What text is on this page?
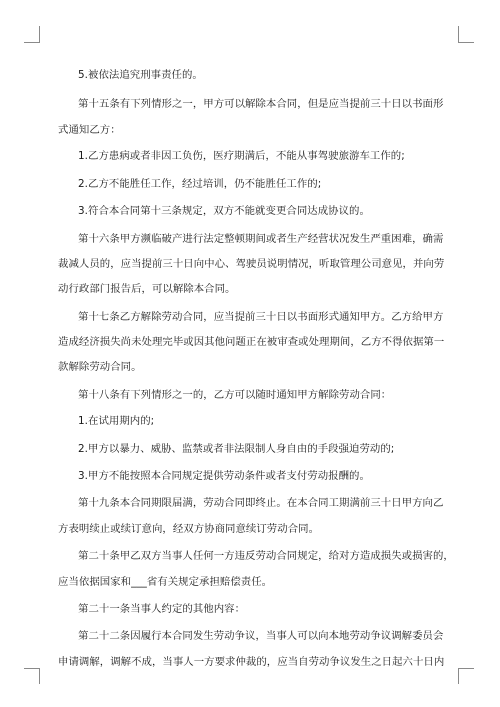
5.被依法追究刑事责任的。
第十五条有下列情形之一，甲方可以解除本合同，但是应当提前三十日以书面形
式通知乙方：
1.乙方患病或者非因工负伤，医疗期满后，不能从事驾驶旅游车工作的;
2.乙方不能胜任工作，经过培训，仍不能胜任工作的;
3.符合本合同第十三条规定，双方不能就变更合同达成协议的。
第十六条甲方濒临破产进行法定整顿期间或者生产经营状况发生严重困难，确需
裁减人员的，应当提前三十日向中心、驾驶员说明情况，听取管理公司意见，并向劳
动行政部门报告后，可以解除本合同。
第十七条乙方解除劳动合同，应当提前三十日以书面形式通知甲方。乙方给甲方
造成经济损失尚未处理完毕或因其他问题正在被审查或处理期间，乙方不得依据第一
款解除劳动合同。
第十八条有下列情形之一的，乙方可以随时通知甲方解除劳动合同：
1.在试用期内的;
2.甲方以暴力、威胁、监禁或者非法限制人身自由的手段强迫劳动的;
3.甲方不能按照本合同规定提供劳动条件或者支付劳动报酬的。
第十九条本合同期限届满，劳动合同即终止。在本合同工期满前三十日甲方向乙
方表明续止或续订意向，经双方协商同意续订劳动合同。
第二十条甲乙双方当事人任何一方违反劳动合同规定，给对方造成损失或损害的，
应当依据国家和___省有关规定承担赔偿责任。
第二十一条当事人约定的其他内容：
第二十二条因履行本合同发生劳动争议，当事人可以向本地劳动争议调解委员会
申请调解，调解不成，当事人一方要求仲裁的，应当自劳动争议发生之日起六十日内
